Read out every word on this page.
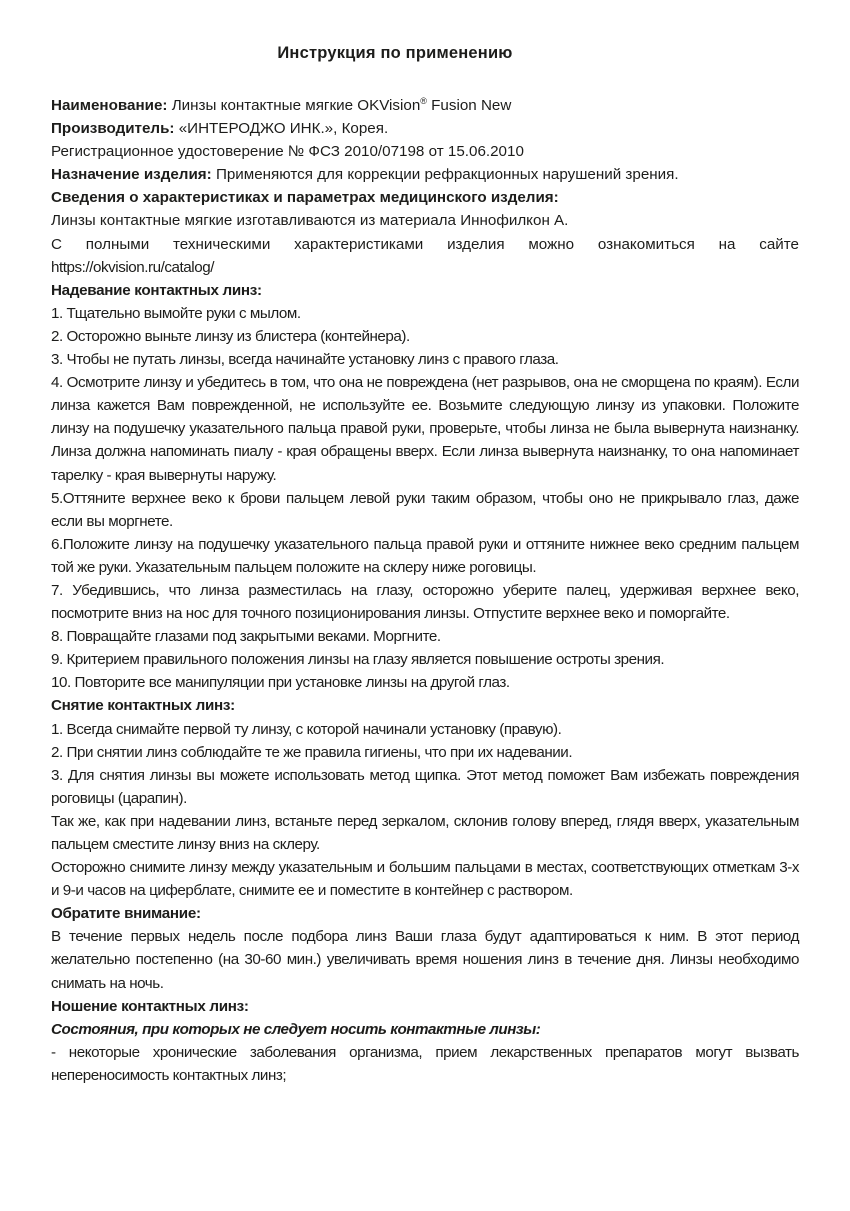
Инструкция по применению

Наименование: Линзы контактные мягкие OKVision® Fusion New

Производитель: «ИНТЕРОДЖО ИНК.», Корея.

Регистрационное удостоверение № ФСЗ 2010/07198 от 15.06.2010

Назначение изделия: Применяются для коррекции рефракционных нарушений зрения.

Сведения о характеристиках и параметрах медицинского изделия:

Линзы контактные мягкие изготавливаются из материала Иннофилкон А.

С полными техническими характеристиками изделия можно ознакомиться на сайте

https://okvision.ru/catalog/

Надевание контактных линз:

1. Тщательно вымойте руки с мылом.

2. Осторожно выньте линзу из блистера (контейнера).

3. Чтобы не путать линзы, всегда начинайте установку линз с правого глаза.

4. Осмотрите линзу и убедитесь в том, что она не повреждена (нет разрывов, она не сморщена по краям). Если линза кажется Вам поврежденной, не используйте ее. Возьмите следующую линзу из упаковки. Положите линзу на подушечку указательного пальца правой руки, проверьте, чтобы линза не была вывернута наизнанку. Линза должна напоминать пиалу - края обращены вверх. Если линза вывернута наизнанку, то она напоминает тарелку - края вывернуты наружу.

5.Оттяните верхнее веко к брови пальцем левой руки таким образом, чтобы оно не прикрывало глаз, даже если вы моргнете.

6.Положите линзу на подушечку указательного пальца правой руки и оттяните нижнее веко средним пальцем той же руки. Указательным пальцем положите на склеру ниже роговицы.

7. Убедившись, что линза разместилась на глазу, осторожно уберите палец, удерживая верхнее веко, посмотрите вниз на нос для точного позиционирования линзы. Отпустите верхнее веко и поморгайте.

8. Повращайте глазами под закрытыми веками. Моргните.

9. Критерием правильного положения линзы на глазу является повышение остроты зрения.

10. Повторите все манипуляции при установке линзы на другой глаз.

Снятие контактных линз:

1. Всегда снимайте первой ту линзу, с которой начинали установку (правую).

2. При снятии линз соблюдайте те же правила гигиены, что при их надевании.

3. Для снятия линзы вы можете использовать метод щипка. Этот метод поможет Вам избежать повреждения роговицы (царапин).

Так же, как при надевании линз, встаньте перед зеркалом, склонив голову вперед, глядя вверх, указательным пальцем сместите линзу вниз на склеру.

Осторожно снимите линзу между указательным и большим пальцами в местах, соответствующих отметкам 3-х и 9-и часов на циферблате, снимите ее и поместите в контейнер с раствором.

Обратите внимание:

В течение первых недель после подбора линз Ваши глаза будут адаптироваться к ним. В этот период желательно постепенно (на 30-60 мин.) увеличивать время ношения линз в течение дня. Линзы необходимо снимать на ночь.

Ношение контактных линз:

Состояния, при которых не следует носить контактные линзы:

- некоторые хронические заболевания организма, прием лекарственных препаратов могут вызвать непереносимость контактных линз;
